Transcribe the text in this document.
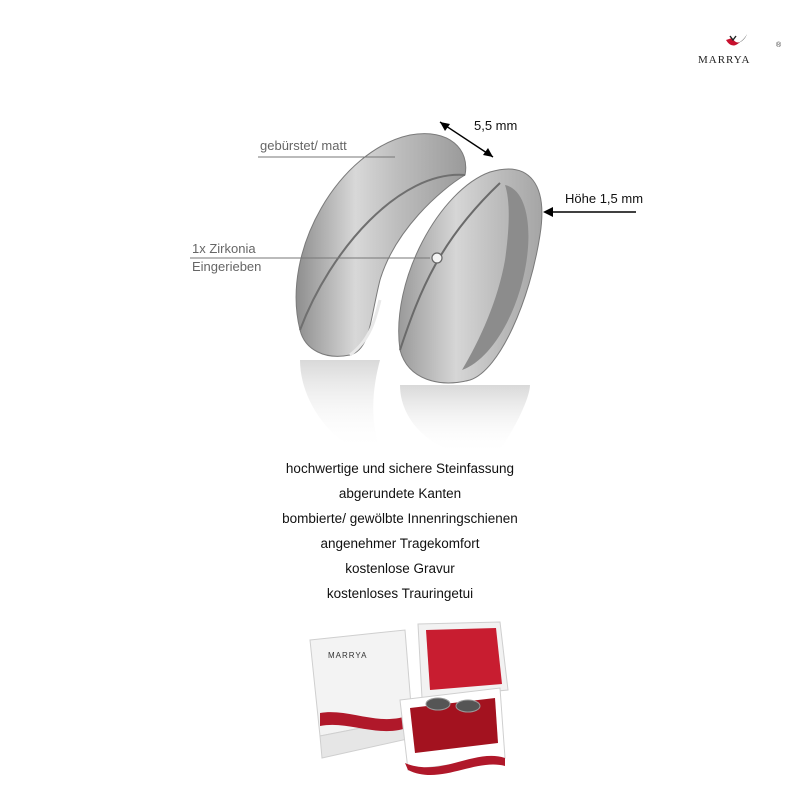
MARRYA
®
gebürstet/ matt
5,5 mm
Höhe 1,5 mm
1x Zirkonia
Eingerieben
hochwertige und sichere Steinfassung
abgerundete Kanten
bombierte/ gewölbte Innenringschienen
angenehmer Tragekomfort
kostenlose Gravur
kostenloses Trauringetui
MARRYA
